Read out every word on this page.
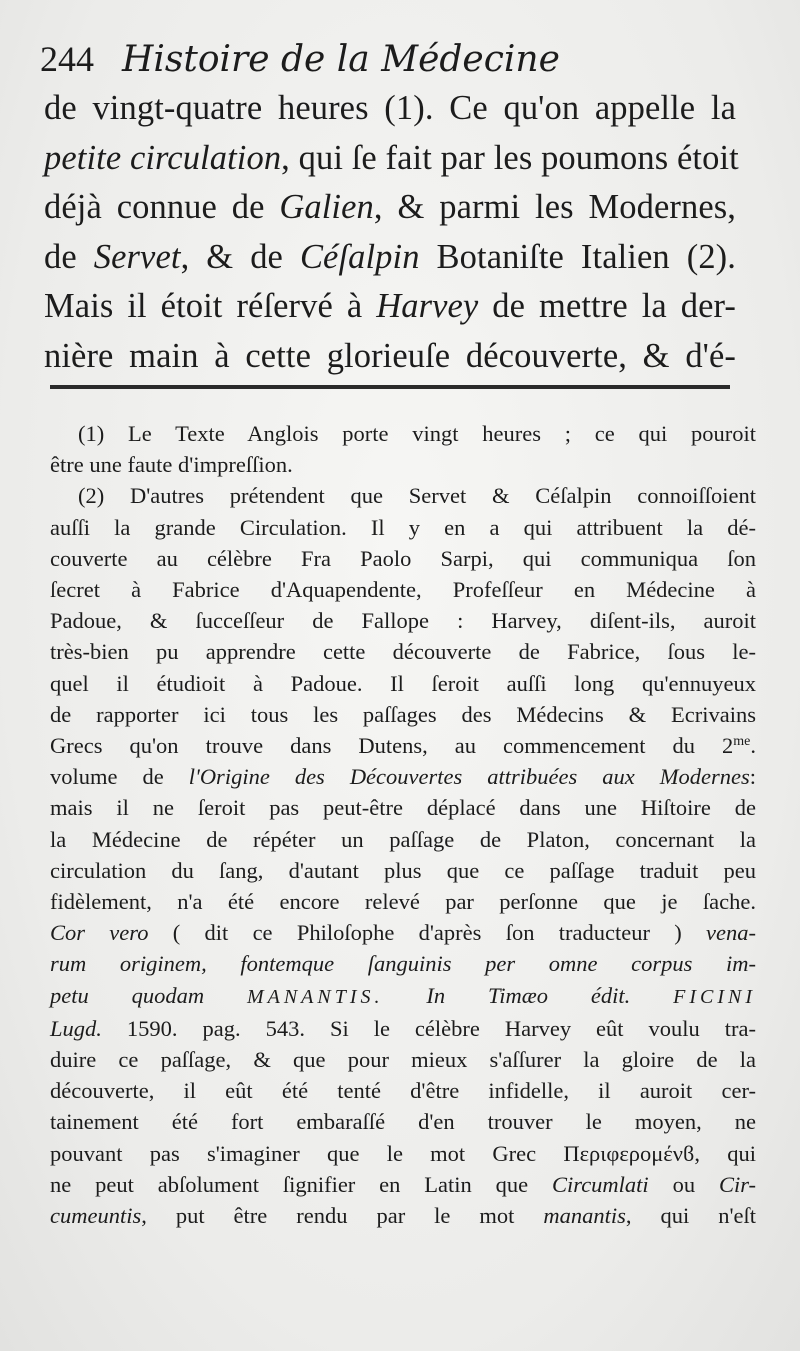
244 Histoire de la Médecine
de vingt-quatre heures (1). Ce qu'on appelle la
petite circulation, qui ſe fait par les poumons étoit
déjà connue de Galien, & parmi les Modernes,
de Servet, & de Céſalpin Botaniſte Italien (2).
Mais il étoit réſervé à Harvey de mettre la der-
nière main à cette glorieuſe découverte, & d'é-
(1) Le Texte Anglois porte vingt heures ; ce qui pouroit
être une faute d'impreſſion.
(2) D'autres prétendent que Servet & Céſalpin connoiſſoient
auſſi la grande Circulation. Il y en a qui attribuent la dé-
couverte au célèbre Fra Paolo Sarpi, qui communiqua ſon
ſecret à Fabrice d'Aquapendente, Profeſſeur en Médecine à
Padoue, & ſucceſſeur de Fallope : Harvey, diſent-ils, auroit
très-bien pu apprendre cette découverte de Fabrice, ſous le-
quel il étudioit à Padoue. Il ſeroit auſſi long qu'ennuyeux
de rapporter ici tous les paſſages des Médecins & Ecrivains
Grecs qu'on trouve dans Dutens, au commencement du $2^{me}$.
volume de l'Origine des Découvertes attribuées aux Modernes:
mais il ne ſeroit pas peut-être déplacé dans une Hiſtoire de
la Médecine de répéter un paſſage de Platon, concernant la
circulation du ſang, d'autant plus que ce paſſage traduit peu
fidèlement, n'a été encore relevé par perſonne que je ſache.
Cor vero ( dit ce Philoſophe d'après ſon traducteur ) vena-
rum originem, fontemque ſanguinis per omne corpus im-
petu quodam MANANTIS. In Timæo édit. FICINI
Lugd. 1590. pag. 543. Si le célèbre Harvey eût voulu tra-
duire ce paſſage, & que pour mieux s'aſſurer la gloire de la
découverte, il eût été tenté d'être infidelle, il auroit cer-
tainement été fort embaraſſé d'en trouver le moyen, ne
pouvant pas s'imaginer que le mot Grec Περιφερομένϐ, qui
ne peut abſolument ſignifier en Latin que Circumlati ou Cir-
cumeuntis, put être rendu par le mot manantis, qui n'eſt
